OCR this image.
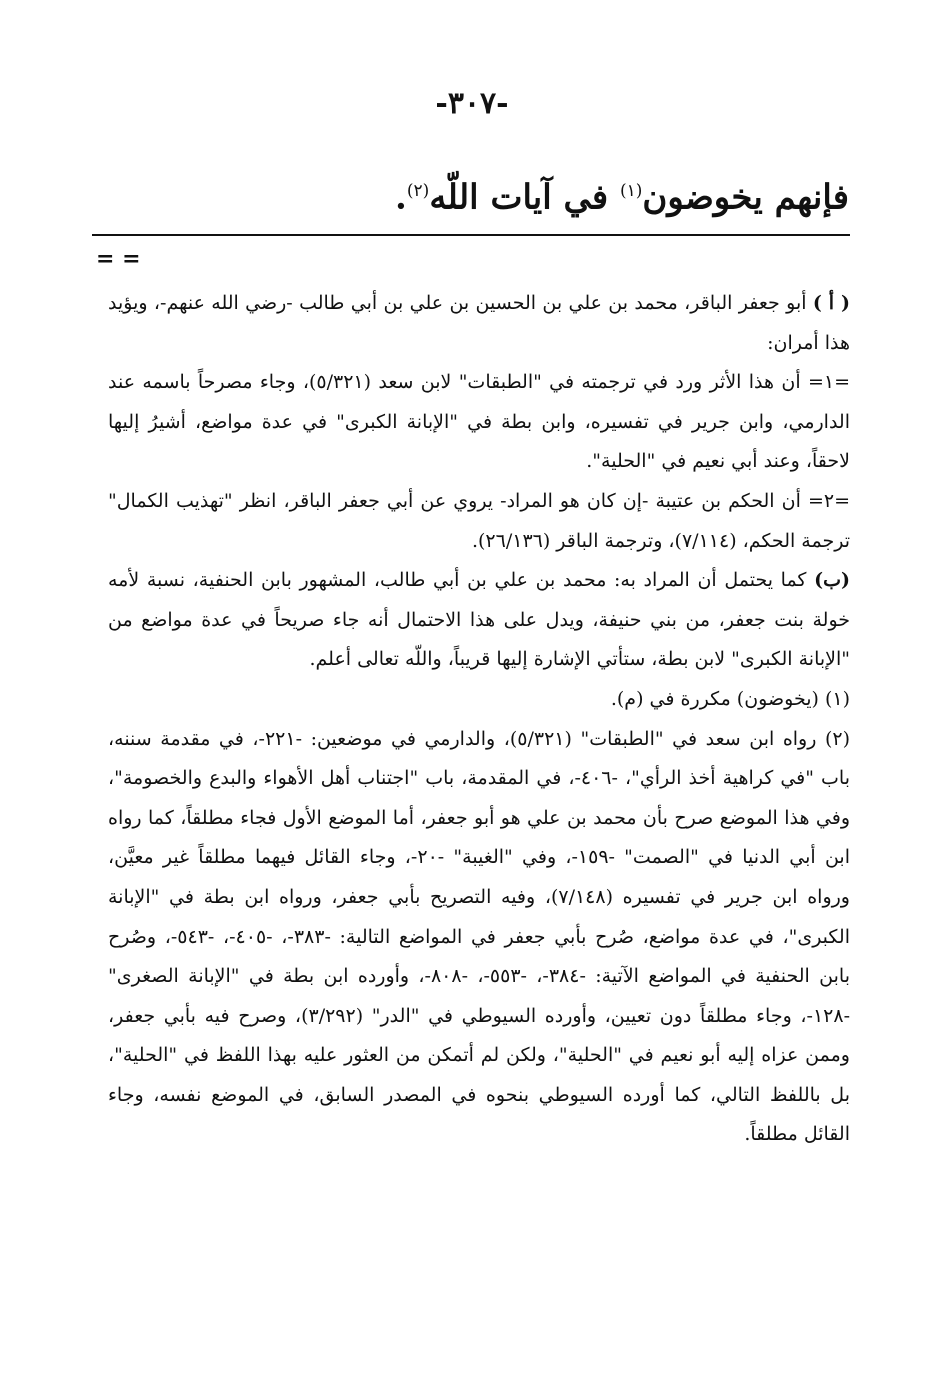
-٣٠٧-
فإنهم يخوضون$^{(١)}$ في آيات اللّه$^{(٢)}$.
= =

( أ ) أبو جعفر الباقر، محمد بن علي بن الحسين بن علي بن أبي طالب -رضي الله عنهم-، ويؤيد هذا أمران:

=١= أن هذا الأثر ورد في ترجمته في "الطبقات" لابن سعد (٥/٣٢١)، وجاء مصرحاً باسمه عند الدارمي، وابن جرير في تفسيره، وابن بطة في "الإبانة الكبرى" في عدة مواضع، أشيرُ إليها لاحقاً، وعند أبي نعيم في "الحلية".

=٢= أن الحكم بن عتيبة -إن كان هو المراد- يروي عن أبي جعفر الباقر، انظر "تهذيب الكمال" ترجمة الحكم، (٧/١١٤)، وترجمة الباقر (٢٦/١٣٦).

(ب) كما يحتمل أن المراد به: محمد بن علي بن أبي طالب، المشهور بابن الحنفية، نسبة لأمه خولة بنت جعفر، من بني حنيفة، ويدل على هذا الاحتمال أنه جاء صريحاً في عدة مواضع من "الإبانة الكبرى" لابن بطة، ستأتي الإشارة إليها قريباً، واللّه تعالى أعلم.

(١) (يخوضون) مكررة في (م).

(٢) رواه ابن سعد في "الطبقات" (٥/٣٢١)، والدارمي في موضعين: -٢٢١-، في مقدمة سننه، باب "في كراهية أخذ الرأي"، -٤٠٦-، في المقدمة، باب "اجتناب أهل الأهواء والبدع والخصومة"، وفي هذا الموضع صرح بأن محمد بن علي هو أبو جعفر، أما الموضع الأول فجاء مطلقاً، كما رواه ابن أبي الدنيا في "الصمت" -١٥٩-، وفي "الغيبة" -٢٠-، وجاء القائل فيهما مطلقاً غير معيَّن، ورواه ابن جرير في تفسيره (٧/١٤٨)، وفيه التصريح بأبي جعفر، ورواه ابن بطة في "الإبانة الكبرى"، في عدة مواضع، صُرح بأبي جعفر في المواضع التالية: -٣٨٣-، -٤٠٥-، -٥٤٣-، وصُرح بابن الحنفية في المواضع الآتية: -٣٨٤-، -٥٥٣-، -٨٠٨-، وأورده ابن بطة في "الإبانة الصغرى" -١٢٨-، وجاء مطلقاً دون تعيين، وأورده السيوطي في "الدر" (٣/٢٩٢)، وصرح فيه بأبي جعفر، وممن عزاه إليه أبو نعيم في "الحلية"، ولكن لم أتمكن من العثور عليه بهذا اللفظ في "الحلية"، بل باللفظ التالي، كما أورده السيوطي بنحوه في المصدر السابق، في الموضع نفسه، وجاء القائل مطلقاً.
